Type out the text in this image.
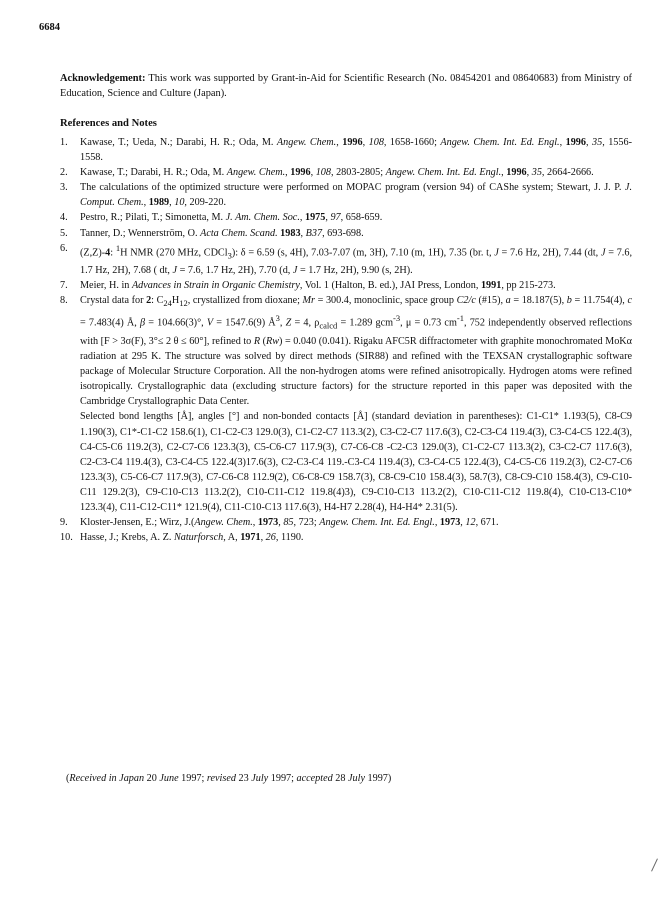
6684
Acknowledgement: This work was supported by Grant-in-Aid for Scientific Research (No. 08454201 and 08640683) from Ministry of Education, Science and Culture (Japan).
References and Notes
1.	Kawase, T.; Ueda, N.; Darabi, H. R.; Oda, M. Angew. Chem., 1996, 108, 1658-1660; Angew. Chem. Int. Ed. Engl., 1996, 35, 1556-1558.
2.	Kawase, T.; Darabi, H. R.; Oda, M. Angew. Chem., 1996, 108, 2803-2805; Angew. Chem. Int. Ed. Engl., 1996, 35, 2664-2666.
3.	The calculations of the optimized structure were performed on MOPAC program (version 94) of CAShe system; Stewart, J. J. P. J. Comput. Chem., 1989, 10, 209-220.
4.	Pestro, R.; Pilati, T.; Simonetta, M. J. Am. Chem. Soc., 1975, 97, 658-659.
5.	Tanner, D.; Wennerström, O. Acta Chem. Scand. 1983, B37, 693-698.
6.	(Z,Z)-4: $^1$H NMR (270 MHz, CDCl$_3$): δ = 6.59 (s, 4H), 7.03-7.07 (m, 3H), 7.10 (m, 1H), 7.35 (br. t, J = 7.6 Hz, 2H), 7.44 (dt, J = 7.6, 1.7 Hz, 2H), 7.68 ( dt, J = 7.6, 1.7 Hz, 2H), 7.70 (d, J = 1.7 Hz, 2H), 9.90 (s, 2H).
7.	Meier, H. in Advances in Strain in Organic Chemistry, Vol. 1 (Halton, B. ed.), JAI Press, London, 1991, pp 215-273.
8.	Crystal data for 2: $C_{24}H_{12}$, crystallized from dioxane; Mr = 300.4, monoclinic, space group C2/c (#15), a = 18.187(5), b = 11.754(4), c = 7.483(4) Å, β = 104.66(3)°, V = 1547.6(9) $Å^3$, Z = 4, $\rho_{calcd} = 1.289$ gcm$^{-3}$, μ = 0.73 $cm^{-1}$, 752 independently observed reflections with [F > 3σ(F), 3°≤ 2 θ ≤ 60°], refined to R (Rw) = 0.040 (0.041). Rigaku AFC5R diffractometer with graphite monochromated MoKα radiation at 295 K. The structure was solved by direct methods (SIR88) and refined with the TEXSAN crystallographic software package of Molecular Structure Corporation. All the non-hydrogen atoms were refined anisotropically. Hydrogen atoms were refined isotropically. Crystallographic data (excluding structure factors) for the structure reported in this paper was deposited with the Cambridge Crystallographic Data Center.
Selected bond lengths [Å], angles [°] and non-bonded contacts [Å] (standard deviation in parentheses): C1-C1* 1.193(5), C8-C9 1.190(3), C1*-C1-C2 158.6(1), C1-C2-C3 129.0(3), C1-C2-C7 113.3(2), C3-C2-C7 117.6(3), C2-C3-C4 119.4(3), C3-C4-C5 122.4(3), C4-C5-C6 119.2(3), C2-C7-C6 123.3(3), C5-C6-C7 117.9(3), C7-C6-C8 -C2-C3 129.0(3), C1-C2-C7 113.3(2), C3-C2-C7 117.6(3), C2-C3-C4 119.4(3), C3-C4-C5 122.4(3)17.6(3), C2-C3-C4 119.-C3-C4 119.4(3), C3-C4-C5 122.4(3), C4-C5-C6 119.2(3), C2-C7-C6 123.3(3), C5-C6-C7 117.9(3), C7-C6-C8 112.9(2), C6-C8-C9 158.7(3), C8-C9-C10 158.4(3), 58.7(3), C8-C9-C10 158.4(3), C9-C10-C11 129.2(3), C9-C10-C13 113.2(2), C10-C11-C12 119.8(4)3), C9-C10-C13 113.2(2), C10-C11-C12 119.8(4), C10-C13-C10* 123.3(4), C11-C12-C11* 121.9(4), C11-C10-C13 117.6(3), H4-H7 2.28(4), H4-H4* 2.31(5).
9.	Kloster-Jensen, E.; Wirz, J.(Angew. Chem., 1973, 85, 723; Angew. Chem. Int. Ed. Engl., 1973, 12, 671.
10. Hasse, J.; Krebs, A. Z. Naturforsch, A, 1971, 26, 1190.
(Received in Japan 20 June 1997; revised 23 July 1997; accepted 28 July 1997)
